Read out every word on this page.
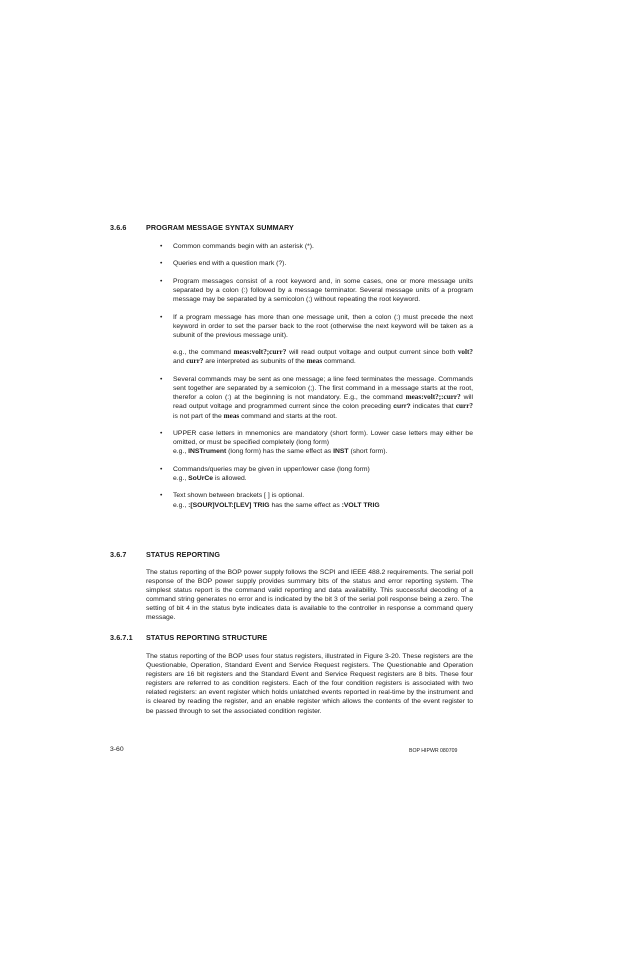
3.6.6	PROGRAM MESSAGE SYNTAX SUMMARY
• Common commands begin with an asterisk (*).
• Queries end with a question mark (?).
• Program messages consist of a root keyword and, in some cases, one or more message units separated by a colon (:) followed by a message terminator. Several message units of a program message may be separated by a semicolon (;) without repeating the root keyword.
• If a program message has more than one message unit, then a colon (:) must precede the next keyword in order to set the parser back to the root (otherwise the next keyword will be taken as a subunit of the previous message unit).
e.g., the command meas:volt?;curr? will read output voltage and output current since both volt? and curr? are interpreted as subunits of the meas command.
• Several commands may be sent as one message; a line feed terminates the message. Commands sent together are separated by a semicolon (;). The first command in a message starts at the root, therefor a colon (:) at the beginning is not mandatory. E.g., the command meas:volt?;:curr? will read output voltage and programmed current since the colon preceding curr? indicates that curr? is not part of the meas command and starts at the root.
• UPPER case letters in mnemonics are mandatory (short form). Lower case letters may either be omitted, or must be specified completely (long form)
e.g., INSTrument (long form) has the same effect as INST (short form).
• Commands/queries may be given in upper/lower case (long form)
e.g., SoUrCe is allowed.
• Text shown between brackets [ ] is optional.
e.g., :[SOUR]VOLT:[LEV] TRIG has the same effect as :VOLT TRIG
3.6.7	STATUS REPORTING
The status reporting of the BOP power supply follows the SCPI and IEEE 488.2 requirements. The serial poll response of the BOP power supply provides summary bits of the status and error reporting system. The simplest status report is the command valid reporting and data availability. This successful decoding of a command string generates no error and is indicated by the bit 3 of the serial poll response being a zero. The setting of bit 4 in the status byte indicates data is available to the controller in response a command query message.
3.6.7.1 STATUS REPORTING STRUCTURE
The status reporting of the BOP uses four status registers, illustrated in Figure 3-20. These registers are the Questionable, Operation, Standard Event and Service Request registers. The Questionable and Operation registers are 16 bit registers and the Standard Event and Service Request registers are 8 bits. These four registers are referred to as condition registers. Each of the four condition registers is associated with two related registers: an event register which holds unlatched events reported in real-time by the instrument and is cleared by reading the register, and an enable register which allows the contents of the event register to be passed through to set the associated condition register.
3-60	BOP HIPWR 080709
